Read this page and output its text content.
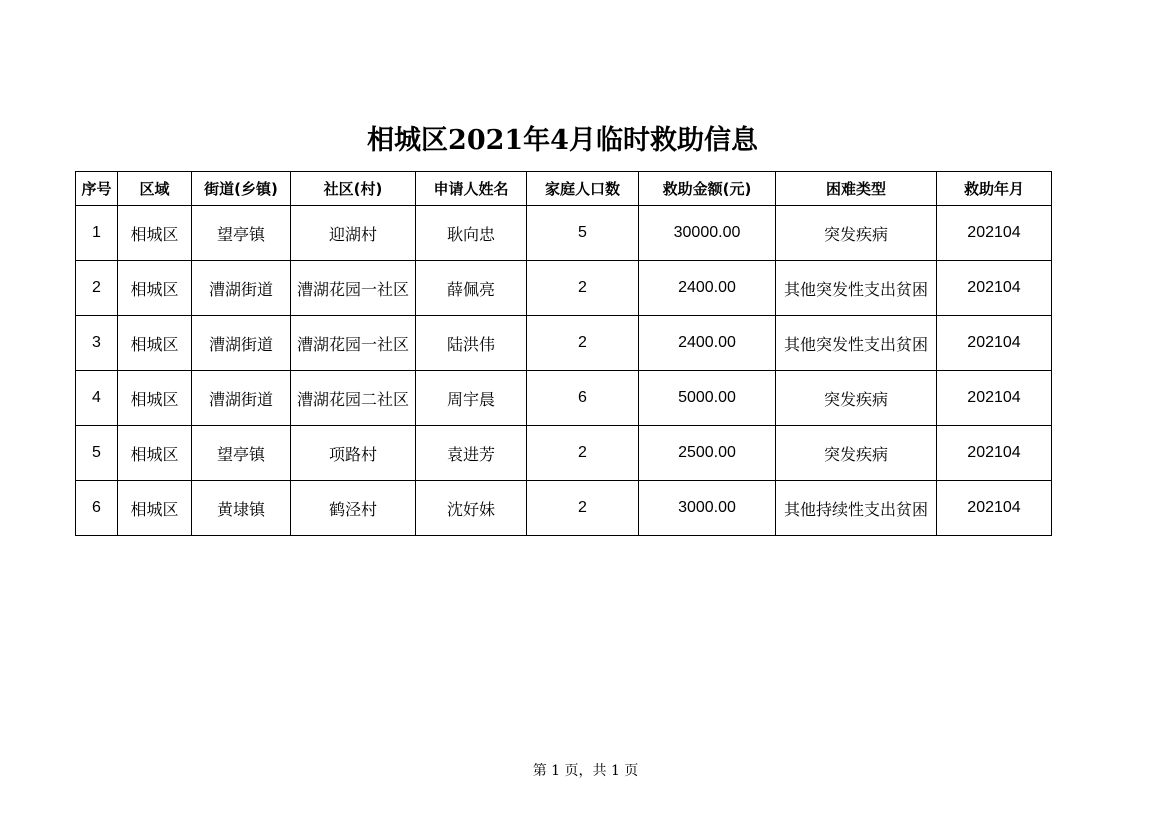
相城区2021年4月临时救助信息
序号	区域	街道(乡镇)	社区(村)	申请人姓名	家庭人口数	救助金额(元)	困难类型	救助年月
1	相城区	望亭镇	迎湖村	耿向忠	5	30000.00	突发疾病	202104
2	相城区	漕湖街道	漕湖花园一社区	薛佩亮	2	2400.00	其他突发性支出贫困	202104
3	相城区	漕湖街道	漕湖花园一社区	陆洪伟	2	2400.00	其他突发性支出贫困	202104
4	相城区	漕湖街道	漕湖花园二社区	周宇晨	6	5000.00	突发疾病	202104
5	相城区	望亭镇	项路村	袁进芳	2	2500.00	突发疾病	202104
6	相城区	黄埭镇	鹤泾村	沈好妹	2	3000.00	其他持续性支出贫困	202104
第 1 页，共 1 页
